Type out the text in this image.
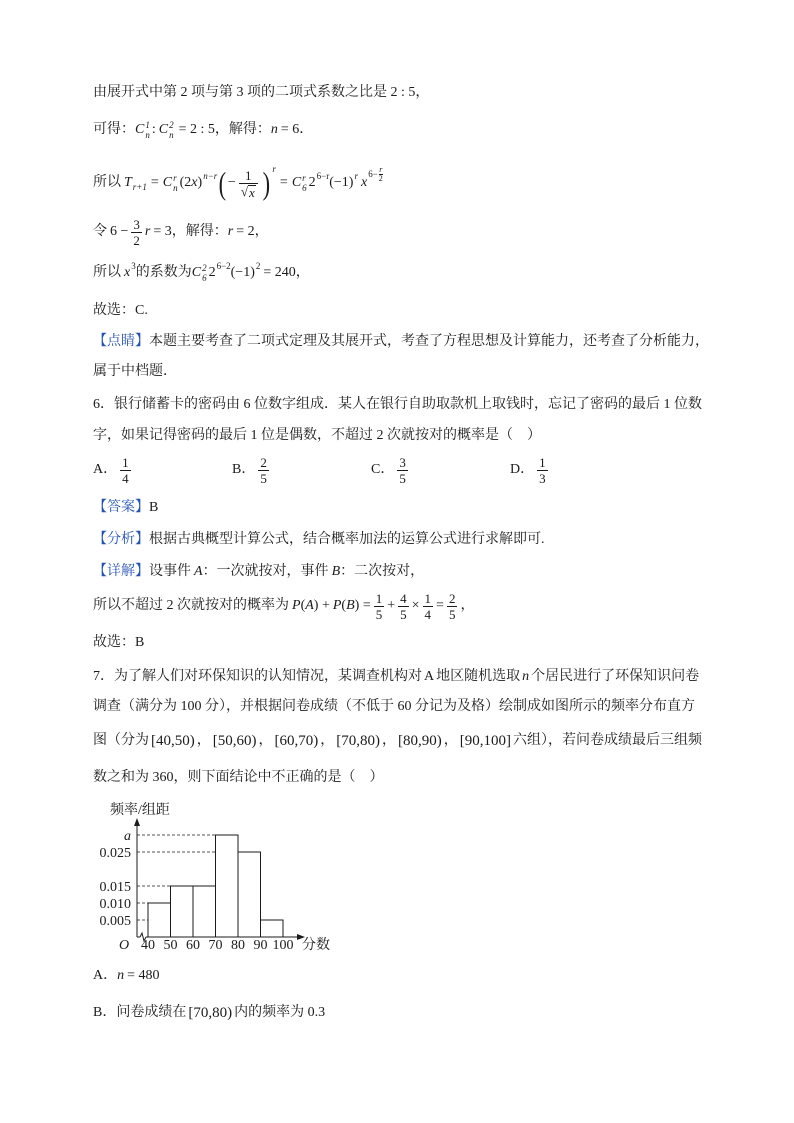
由展开式中第 2 项与第 3 项的二项式系数之比是 2 : 5，
可得： C 1
n : C 2
n = 2 : 5 ，解得： n = 6 ．
所以 T r+1 = C r
n ( 2 x ) n−r ( − $\frac{1}{√ x}$ ) r
= C r
6 2 6−r (−1) r x
$6- \frac{r}{2}$
令 $6 - \frac{3}{2}$ r = 3 ，解得： r = 2 ，
所以 x 3 的系数为 C 2
6 2 6−2 (−1) 2 = 240 ，
故选：C.
【点睛】 本题主要考查了二项式定理及其展开式，考查了方程思想及计算能力，还考查了分析能力，
属于中档题．
6．银行储蓄卡的密码由 6 位数字组成．某人在银行自助取款机上取钱时，忘记了密码的最后 1 位数
字，如果记得密码的最后 1 位是偶数，不超过 2 次就按对的概率是（　）
A． $\frac{1}{4}$	B． $\frac{2}{5}$	C． $\frac{3}{5}$	D． $\frac{1}{3}$
【答案】 B
【分析】 根据古典概型计算公式，结合概率加法的运算公式进行求解即可.
【详解】 设事件 A ：一次就按对，事件 B ：二次按对，
所以不超过 2 次就按对的概率为 P ( A ) + P ( B ) = $\frac{1}{5} + \frac{4}{5} \times \frac{1}{4} = \frac{2}{5}$ ，
故选：B
7．为了解人们对环保知识的认知情况，某调查机构对 A 地区随机选取 n 个居民进行了环保知识问卷
调查（满分为 100 分），并根据问卷成绩（不低于 60 分记为及格）绘制成如图所示的频率分布直方
图（分为 [40,50) ， [50,60) ， [60,70) ， [70,80) ， [80,90) ， [90,100] 六组），若问卷成绩最后三组频
数之和为 360，则下面结论中不正确的是（　）
a
0.025
0.015
0.010
0.005
40 50 60 70 80 90 100
O	分数
频率/组距
A． n = 480
B．问卷成绩在 [70,80) 内的频率为 0.3
